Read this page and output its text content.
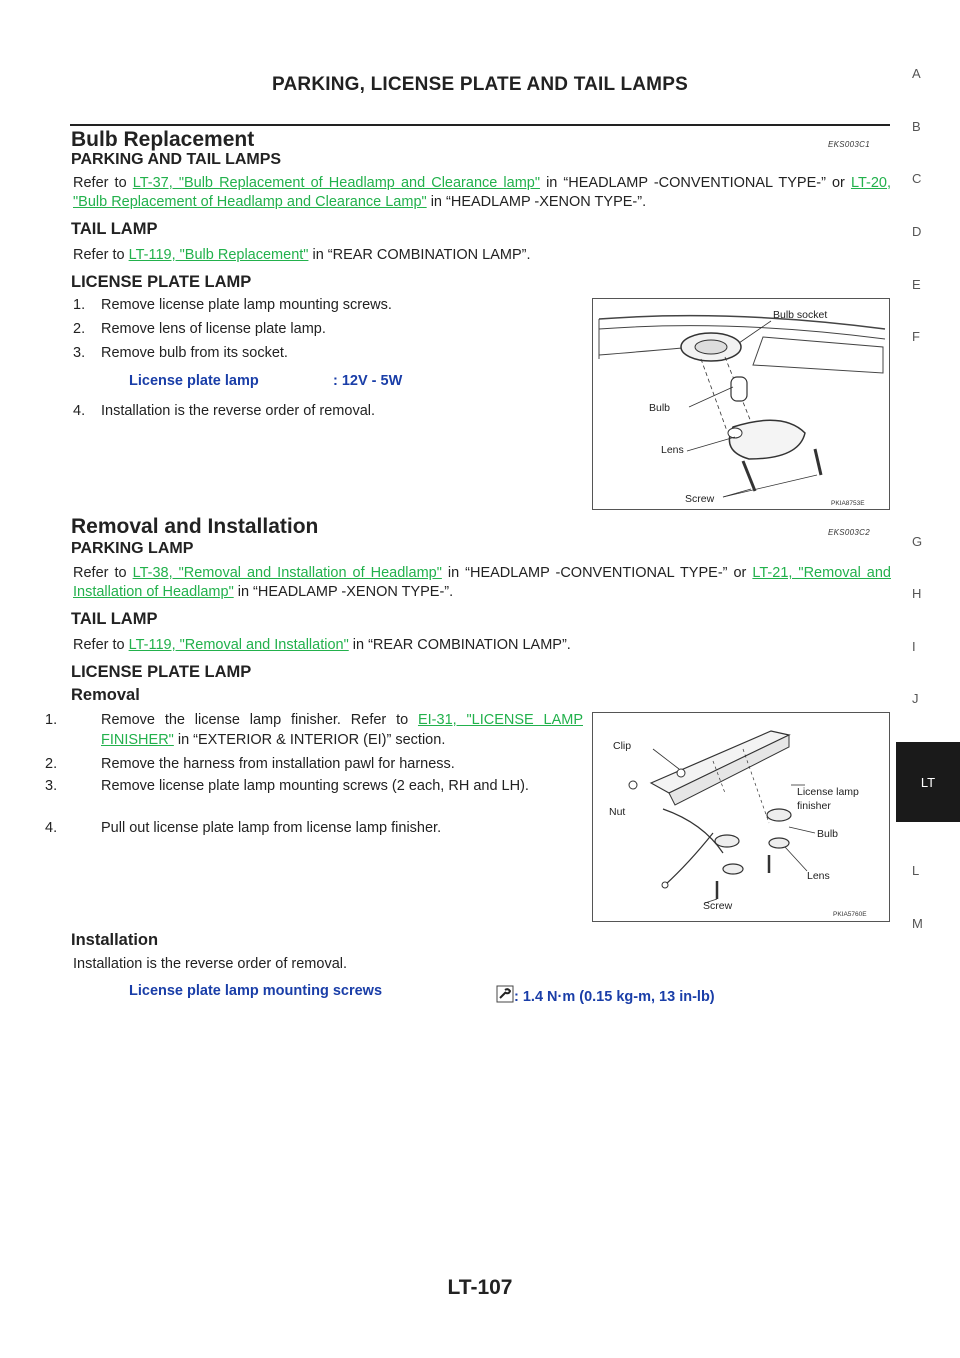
PARKING, LICENSE PLATE AND TAIL LAMPS
Bulb Replacement	EKS003C1
PARKING AND TAIL LAMPS
Refer to LT-37, "Bulb Replacement of Headlamp and Clearance lamp" in “HEADLAMP -CONVENTIONAL TYPE-” or LT-20, "Bulb Replacement of Headlamp and Clearance Lamp" in “HEADLAMP -XENON TYPE-”.
TAIL LAMP
Refer to LT-119, "Bulb Replacement" in “REAR COMBINATION LAMP”.
LICENSE PLATE LAMP
1. Remove license plate lamp mounting screws.
2. Remove lens of license plate lamp.
3. Remove bulb from its socket.
License plate lamp	: 12V - 5W
4. Installation is the reverse order of removal.
Bulb socket
Bulb
Lens
Screw	PKIA8753E
Removal and Installation	EKS003C2
PARKING LAMP
Refer to LT-38, "Removal and Installation of Headlamp" in “HEADLAMP -CONVENTIONAL TYPE-” or LT-21, "Removal and Installation of Headlamp" in “HEADLAMP -XENON TYPE-”.
TAIL LAMP
Refer to LT-119, "Removal and Installation" in “REAR COMBINATION LAMP”.
LICENSE PLATE LAMP
Removal
1.	Remove the license lamp finisher. Refer to EI-31, "LICENSE LAMP FINISHER" in “EXTERIOR & INTERIOR (EI)” section.
2.	Remove the harness from installation pawl for harness.
3.	Remove license plate lamp mounting screws (2 each, RH and LH).
4.	Pull out license plate lamp from license lamp finisher.
Clip
Nut
License lamp
finisher
Bulb
Lens
Screw
PKIA5760E
Installation
Installation is the reverse order of removal.
License plate lamp mounting screws	: 1.4 N·m (0.15 kg-m, 13 in-lb)
A
B
C
D
E
F
G
H
I
J
LT
L
M
LT-107
